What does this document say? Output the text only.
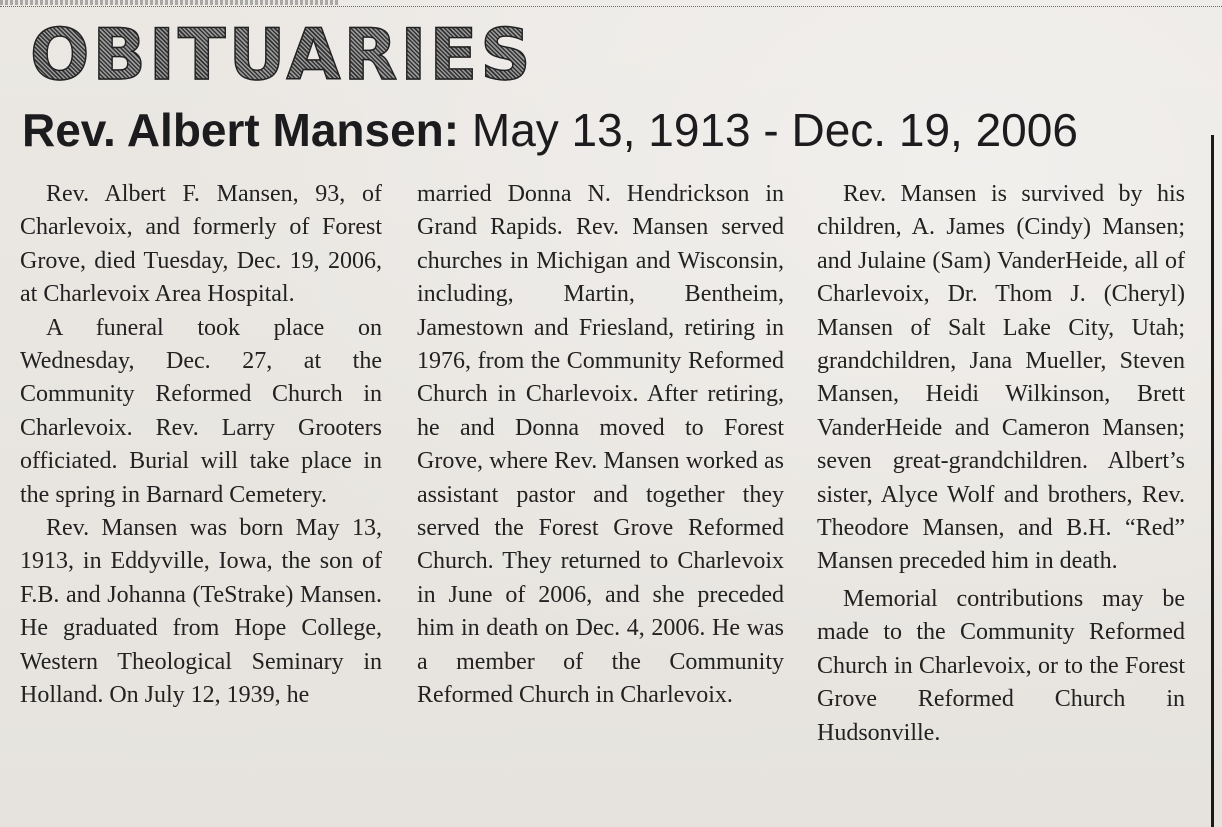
OBITUARIES
Rev. Albert Mansen: May 13, 1913 - Dec. 19, 2006

Rev. Albert F. Mansen, 93, of Charlevoix, and formerly of Forest Grove, died Tuesday, Dec. 19, 2006, at Charlevoix Area Hospital.

A funeral took place on Wednesday, Dec. 27, at the Community Reformed Church in Charlevoix. Rev. Larry Grooters officiated. Burial will take place in the spring in Barnard Cemetery.

Rev. Mansen was born May 13, 1913, in Eddyville, Iowa, the son of F.B. and Johanna (TeStrake) Mansen. He graduated from Hope College, Western Theological Seminary in Holland. On July 12, 1939, he

married Donna N. Hendrickson in Grand Rapids. Rev. Mansen served churches in Michigan and Wisconsin, including, Martin, Bentheim, Jamestown and Friesland, retiring in 1976, from the Community Reformed Church in Charlevoix. After retiring, he and Donna moved to Forest Grove, where Rev. Mansen worked as assistant pastor and together they served the Forest Grove Reformed Church. They returned to Charlevoix in June of 2006, and she preceded him in death on Dec. 4, 2006. He was a member of the Community Reformed Church in Charlevoix.

Rev. Mansen is survived by his children, A. James (Cindy) Mansen; and Julaine (Sam) VanderHeide, all of Charlevoix, Dr. Thom J. (Cheryl) Mansen of Salt Lake City, Utah; grandchildren, Jana Mueller, Steven Mansen, Heidi Wilkinson, Brett VanderHeide and Cameron Mansen; seven great-grandchildren. Albert’s sister, Alyce Wolf and brothers, Rev. Theodore Mansen, and B.H. “Red” Mansen preceded him in death.

Memorial contributions may be made to the Community Reformed Church in Charlevoix, or to the Forest Grove Reformed Church in Hudsonville.
